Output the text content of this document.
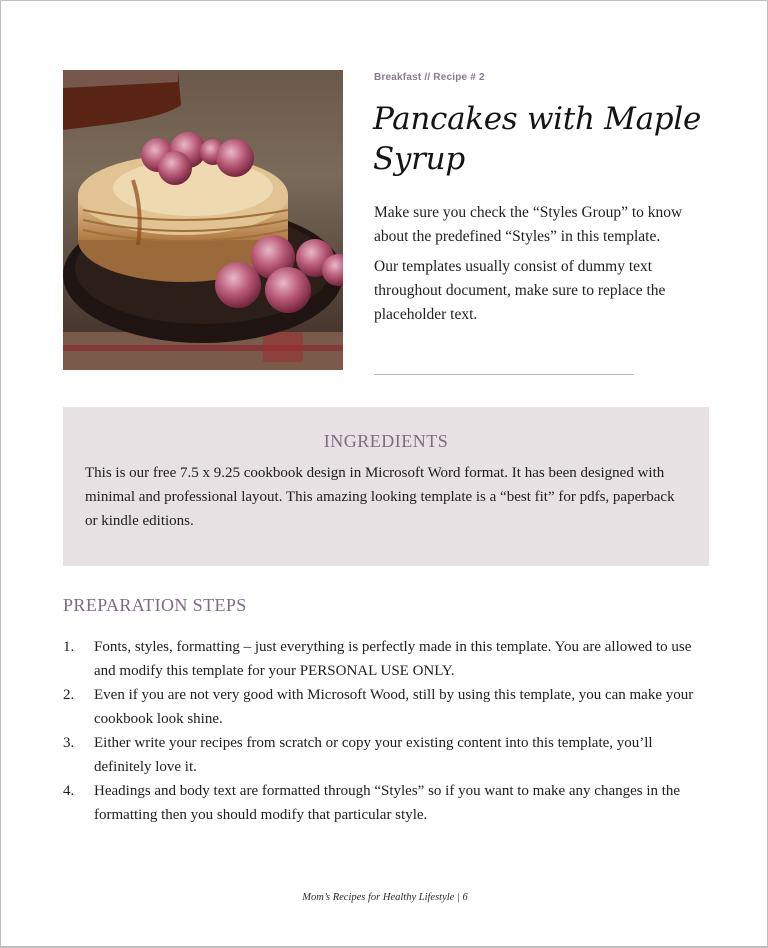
Breakfast // Recipe # 2
Pancakes with Maple Syrup

Make sure you check the “Styles Group” to know about the predefined “Styles” in this template.

Our templates usually consist of dummy text throughout document, make sure to replace the placeholder text.

INGREDIENTS

This is our free 7.5 x 9.25 cookbook design in Microsoft Word format. It has been designed with minimal and professional layout. This amazing looking template is a “best fit” for pdfs, paperback or kindle editions.

PREPARATION STEPS
1. Fonts, styles, formatting – just everything is perfectly made in this template. You are allowed to use and modify this template for your PERSONAL USE ONLY.
2. Even if you are not very good with Microsoft Wood, still by using this template, you can make your cookbook look shine.
3. Either write your recipes from scratch or copy your existing content into this template, you’ll definitely love it.
4. Headings and body text are formatted through “Styles” so if you want to make any changes in the formatting then you should modify that particular style.
Mom’s Recipes for Healthy Lifestyle | 6
